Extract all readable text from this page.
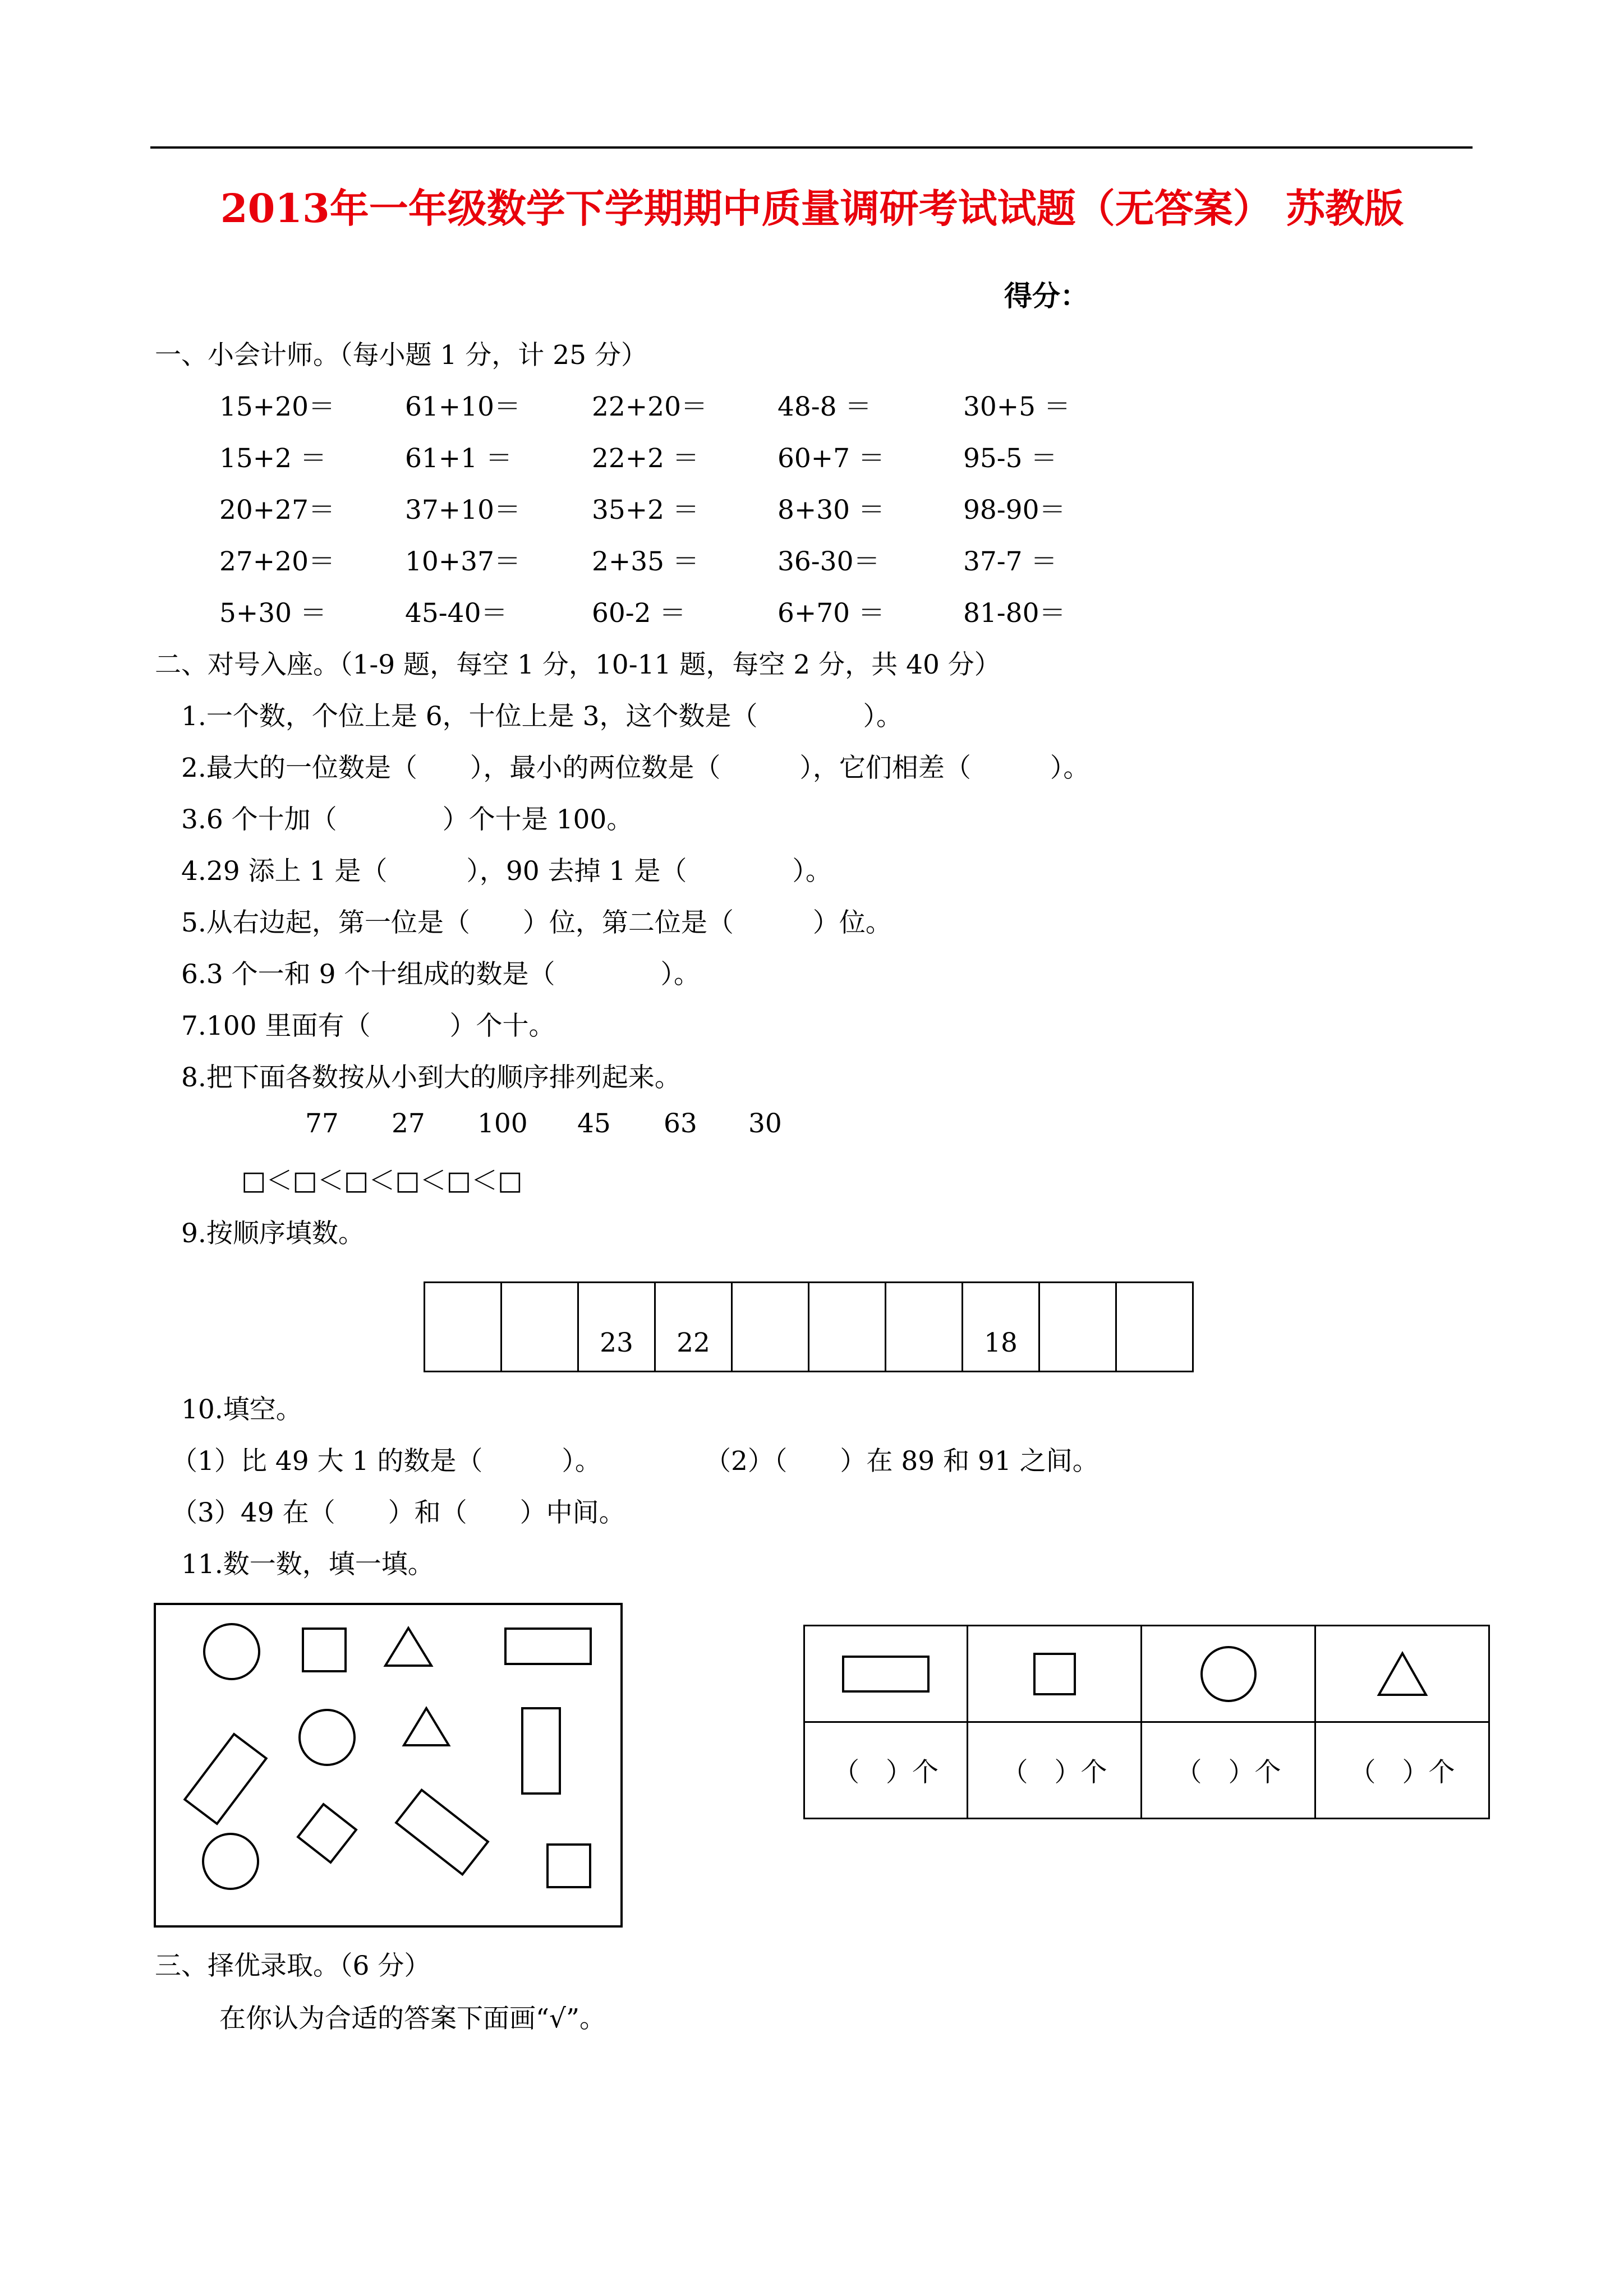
2013年一年级数学下学期期中质量调研考试试题（无答案） 苏教版
得分：
一、小会计师。（每小题 1 分，计 25 分）
15+20＝	61+10＝	22+20＝	48-8 ＝	30+5 ＝
15+2 ＝	61+1 ＝	22+2 ＝	60+7 ＝	95-5 ＝
20+27＝	37+10＝	35+2 ＝	8+30 ＝	98-90＝
27+20＝	10+37＝	2+35 ＝	36-30＝	37-7 ＝
5+30 ＝	45-40＝	60-2 ＝	6+70 ＝	81-80＝
二、对号入座。（1-9 题，每空 1 分，10-11 题，每空 2 分，共 40 分）
1.一个数，个位上是 6，十位上是 3，这个数是（　　　　）。
2.最大的一位数是（　　），最小的两位数是（　　　），它们相差（　　　）。
3.6 个十加（　　　　）个十是 100。
4.29 添上 1 是（　　　），90 去掉 1 是（　　　　）。
5.从右边起，第一位是（　　）位，第二位是（　　　）位。
6.3 个一和 9 个十组成的数是（　　　　）。
7.100 里面有（　　　）个十。
8.把下面各数按从小到大的顺序排列起来。
77 27 100 45 63 30
□＜□＜□＜□＜□＜□
9.按顺序填数。
		23	22				18		
10.填空。
（1）比 49 大 1 的数是（　　　）。	（2）（　　）在 89 和 91 之间。
（3）49 在（　　）和（　　）中间。
11.数一数，填一填。

（　）个	（　）个	（　）个	（　）个
三、择优录取。（6 分）
在你认为合适的答案下面画“√”。
